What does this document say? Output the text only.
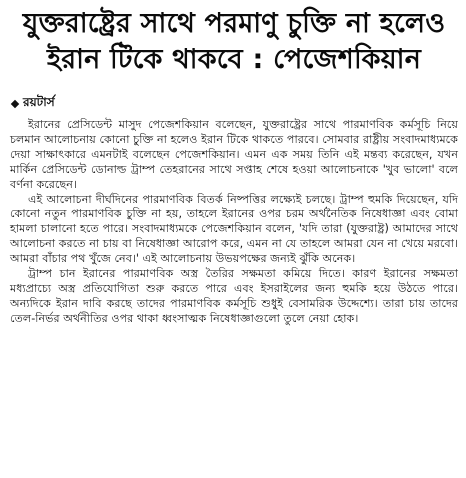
যুক্তরাষ্ট্রের সাথে পরমাণু চুক্তি না হলেও ইরান টিকে থাকবে : পেজেশকিয়ান
রয়টার্স

ইরানের প্রেসিডেন্ট মাসুদ পেজেশকিয়ান বলেছেন, যুক্তরাষ্ট্রের সাথে পারমাণবিক কর্মসূচি নিয়ে চলমান আলোচনায় কোনো চুক্তি না হলেও ইরান টিকে থাকতে পারবে। সোমবার রাষ্ট্রীয় সংবাদমাধ্যমকে দেয়া সাক্ষাৎকারে এমনটাই বলেছেন পেজেশকিয়ান। এমন এক সময় তিনি এই মন্তব্য করেছেন, যখন মার্কিন প্রেসিডেন্ট ডোনাল্ড ট্রাম্প তেহরানের সাথে সপ্তাহ শেষে হওয়া আলোচনাকে 'খুব ভালো' বলে বর্ণনা করেছেন।

এই আলোচনা দীর্ঘদিনের পারমাণবিক বিতর্ক নিষ্পত্তির লক্ষ্যেই চলছে। ট্রাম্প হুমকি দিয়েছেন, যদি কোনো নতুন পারমাণবিক চুক্তি না হয়, তাহলে ইরানের ওপর চরম অর্থনৈতিক নিষেধাজ্ঞা এবং বোমা হামলা চালানো হতে পারে। সংবাদমাধ্যমকে পেজেশকিয়ান বলেন, 'যদি তারা (যুক্তরাষ্ট্র) আমাদের সাথে আলোচনা করতে না চায় বা নিষেধাজ্ঞা আরোপ করে, এমন না যে তাহলে আমরা যেন না খেয়ে মরবো। আমরা বাঁচার পথ খুঁজে নেব।' এই আলোচনায় উভয়পক্ষের জন্যই ঝুঁকি অনেক।

ট্রাম্প চান ইরানের পারমাণবিক অস্ত্র তৈরির সক্ষমতা কমিয়ে দিতে। কারণ ইরানের সক্ষমতা মধ্যপ্রাচ্যে অস্ত্র প্রতিযোগিতা শুরু করতে পারে এবং ইসরাইলের জন্য হুমকি হয়ে উঠতে পারে। অন্যদিকে ইরান দাবি করছে তাদের পারমাণবিক কর্মসূচি শুধুই বেসামরিক উদ্দেশ্যে। তারা চায় তাদের তেল-নির্ভর অর্থনীতির ওপর থাকা ধ্বংসাত্মক নিষেধাজ্ঞাগুলো তুলে নেয়া হোক।
